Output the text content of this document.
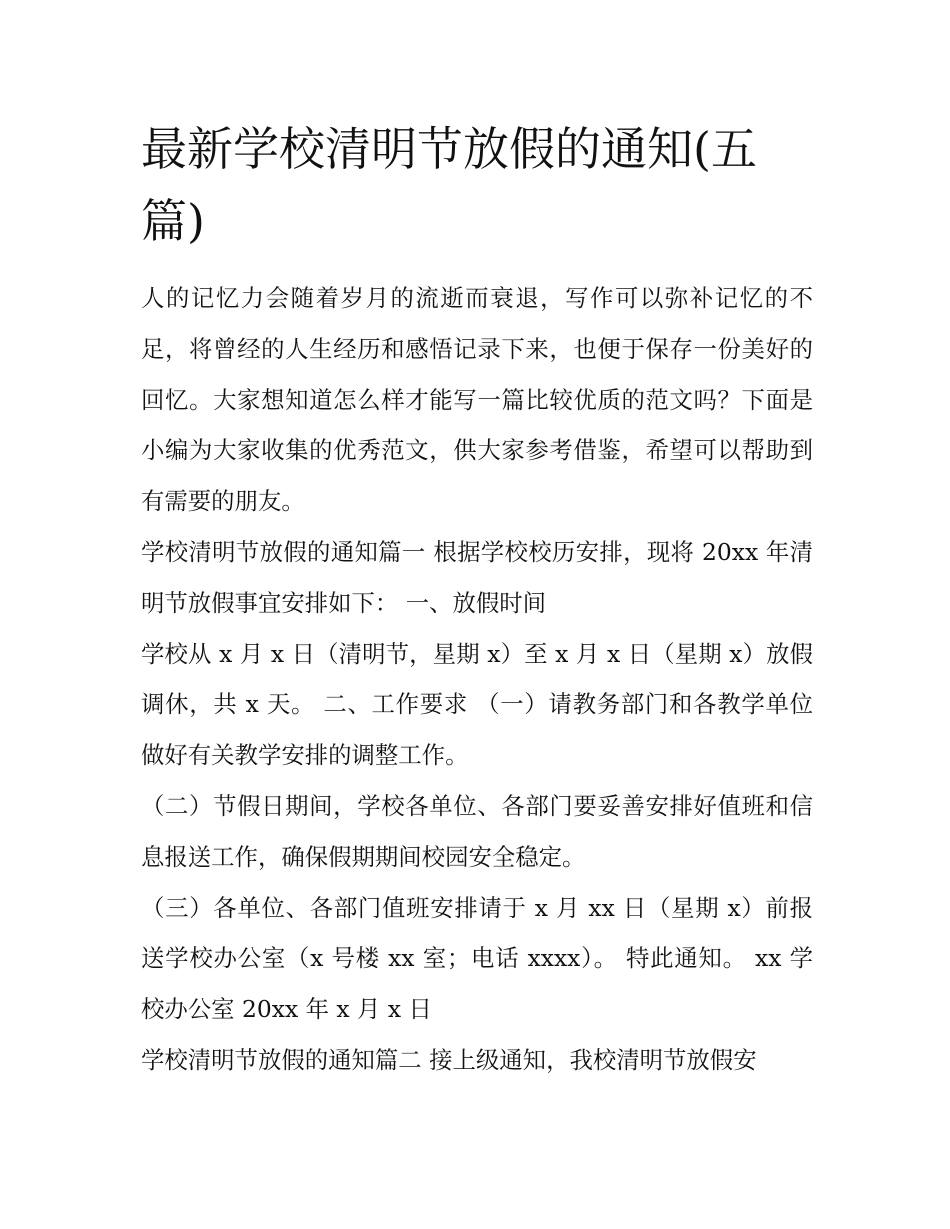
最新学校清明节放假的通知(五篇)

人的记忆力会随着岁月的流逝而衰退，写作可以弥补记忆的不足，将曾经的人生经历和感悟记录下来，也便于保存一份美好的回忆。大家想知道怎么样才能写一篇比较优质的范文吗？下面是小编为大家收集的优秀范文，供大家参考借鉴，希望可以帮助到有需要的朋友。

学校清明节放假的通知篇一 根据学校校历安排，现将 20xx 年清明节放假事宜安排如下： 一、放假时间

学校从 x 月 x 日（清明节，星期 x）至 x 月 x 日（星期 x）放假调休，共 x 天。 二、工作要求 （一）请教务部门和各教学单位做好有关教学安排的调整工作。

（二）节假日期间，学校各单位、各部门要妥善安排好值班和信息报送工作，确保假期期间校园安全稳定。

（三）各单位、各部门值班安排请于 x 月 xx 日（星期 x）前报送学校办公室（x 号楼 xx 室；电话 xxxx）。 特此通知。 xx 学校办公室 20xx 年 x 月 x 日

学校清明节放假的通知篇二 接上级通知，我校清明节放假安
